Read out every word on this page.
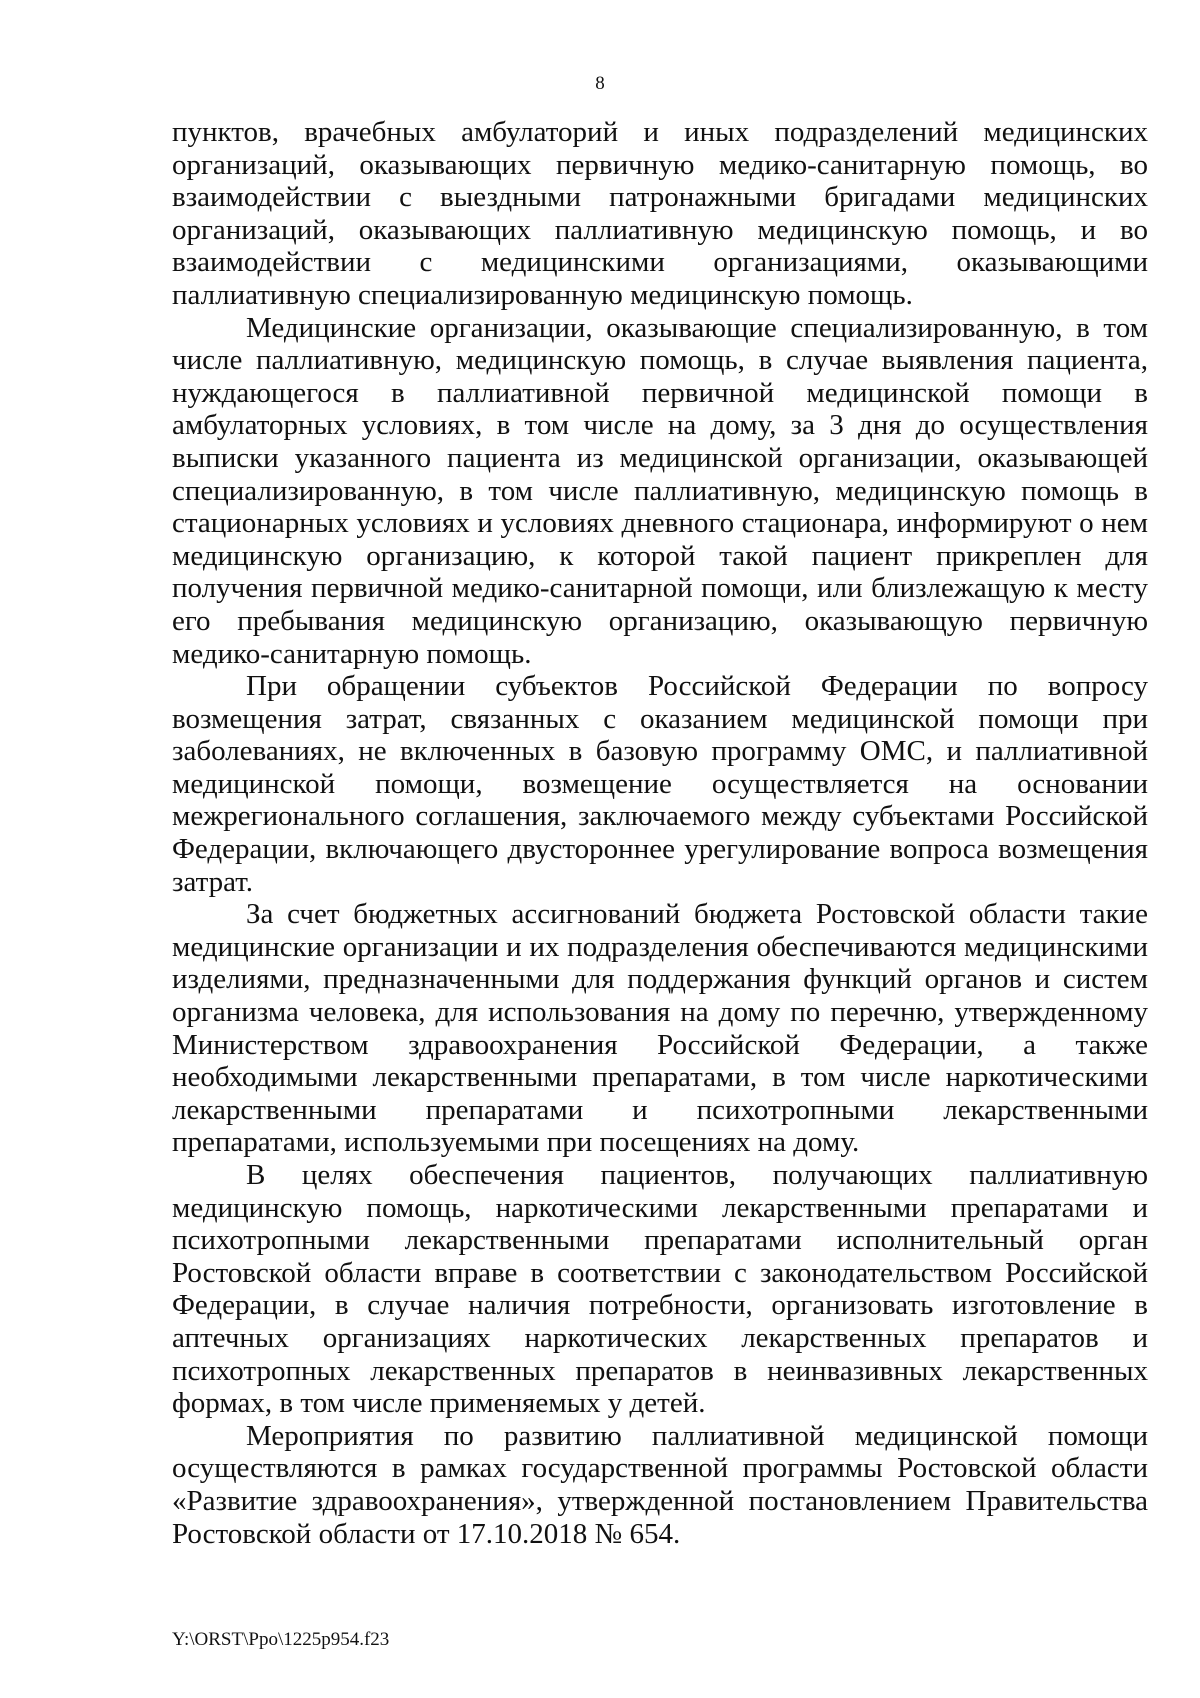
8

пунктов, врачебных амбулаторий и иных подразделений медицинских организаций, оказывающих первичную медико-санитарную помощь, во взаимодействии с выездными патронажными бригадами медицинских организаций, оказывающих паллиативную медицинскую помощь, и во взаимодействии с медицинскими организациями, оказывающими паллиативную специализированную медицинскую помощь.

Медицинские организации, оказывающие специализированную, в том числе паллиативную, медицинскую помощь, в случае выявления пациента, нуждающегося в паллиативной первичной медицинской помощи в амбулаторных условиях, в том числе на дому, за 3 дня до осуществления выписки указанного пациента из медицинской организации, оказывающей специализированную, в том числе паллиативную, медицинскую помощь в стационарных условиях и условиях дневного стационара, информируют о нем медицинскую организацию, к которой такой пациент прикреплен для получения первичной медико-санитарной помощи, или близлежащую к месту его пребывания медицинскую организацию, оказывающую первичную медико-санитарную помощь.

При обращении субъектов Российской Федерации по вопросу возмещения затрат, связанных с оказанием медицинской помощи при заболеваниях, не включенных в базовую программу ОМС, и паллиативной медицинской помощи, возмещение осуществляется на основании межрегионального соглашения, заключаемого между субъектами Российской Федерации, включающего двустороннее урегулирование вопроса возмещения затрат.

За счет бюджетных ассигнований бюджета Ростовской области такие медицинские организации и их подразделения обеспечиваются медицинскими изделиями, предназначенными для поддержания функций органов и систем организма человека, для использования на дому по перечню, утвержденному Министерством здравоохранения Российской Федерации, а также необходимыми лекарственными препаратами, в том числе наркотическими лекарственными препаратами и психотропными лекарственными препаратами, используемыми при посещениях на дому.

В целях обеспечения пациентов, получающих паллиативную медицинскую помощь, наркотическими лекарственными препаратами и психотропными лекарственными препаратами исполнительный орган Ростовской области вправе в соответствии с законодательством Российской Федерации, в случае наличия потребности, организовать изготовление в аптечных организациях наркотических лекарственных препаратов и психотропных лекарственных препаратов в неинвазивных лекарственных формах, в том числе применяемых у детей.

Мероприятия по развитию паллиативной медицинской помощи осуществляются в рамках государственной программы Ростовской области «Развитие здравоохранения», утвержденной постановлением Правительства Ростовской области от 17.10.2018 № 654.

Y:\ORST\Ppo\1225p954.f23
